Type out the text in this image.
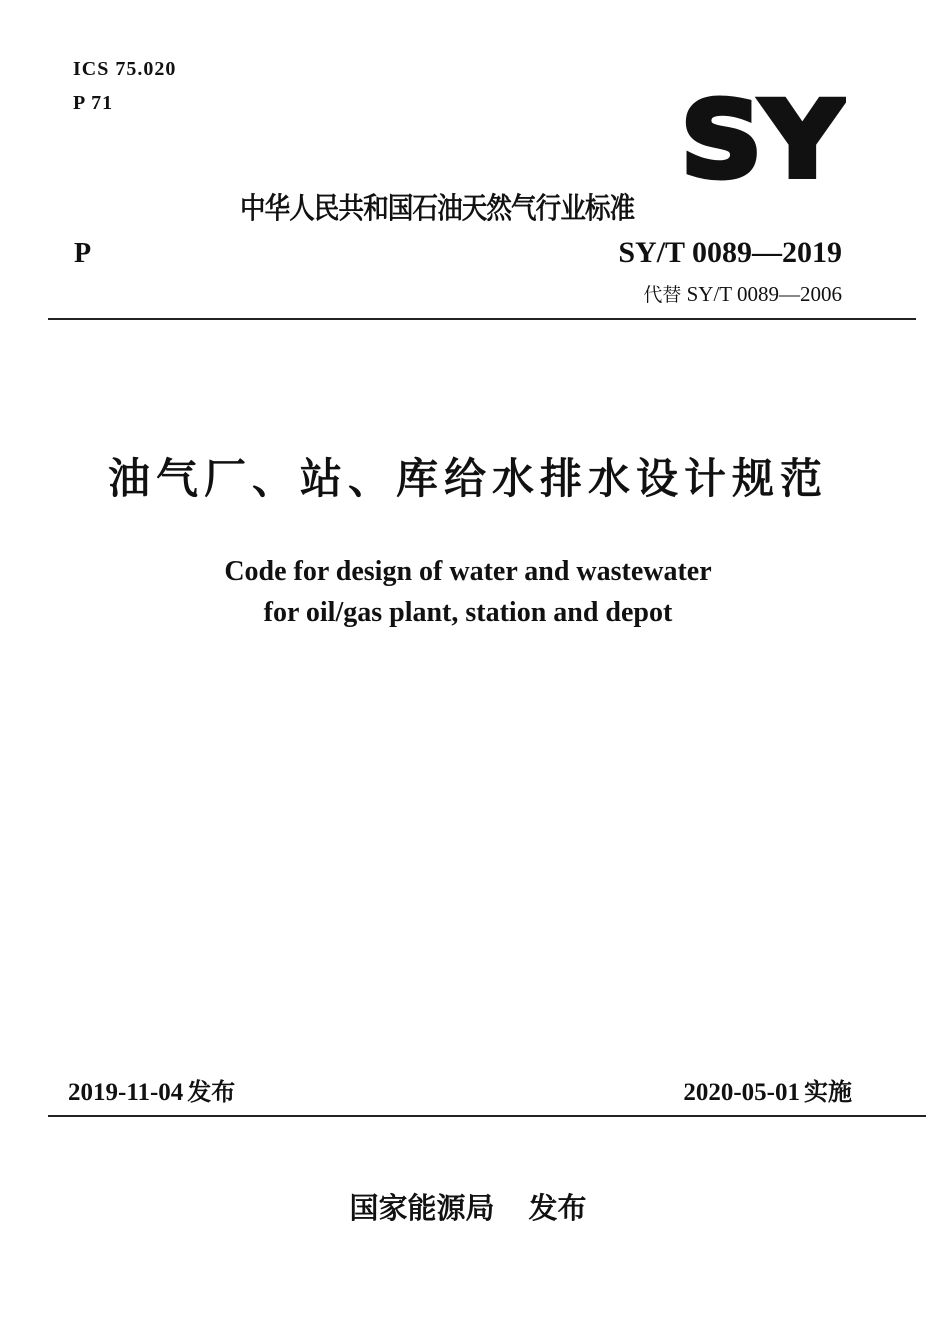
ICS 75.020
P 71	SY
中华人民共和国石油天然气行业标准
P	SY/T 0089—2019
代替 SY/T 0089—2006
油气厂、站、库给水排水设计规范
Code for design of water and wastewater
for oil/gas plant, station and depot
2019-11-04 发布	2020-05-01 实施
国家能源局 发布
